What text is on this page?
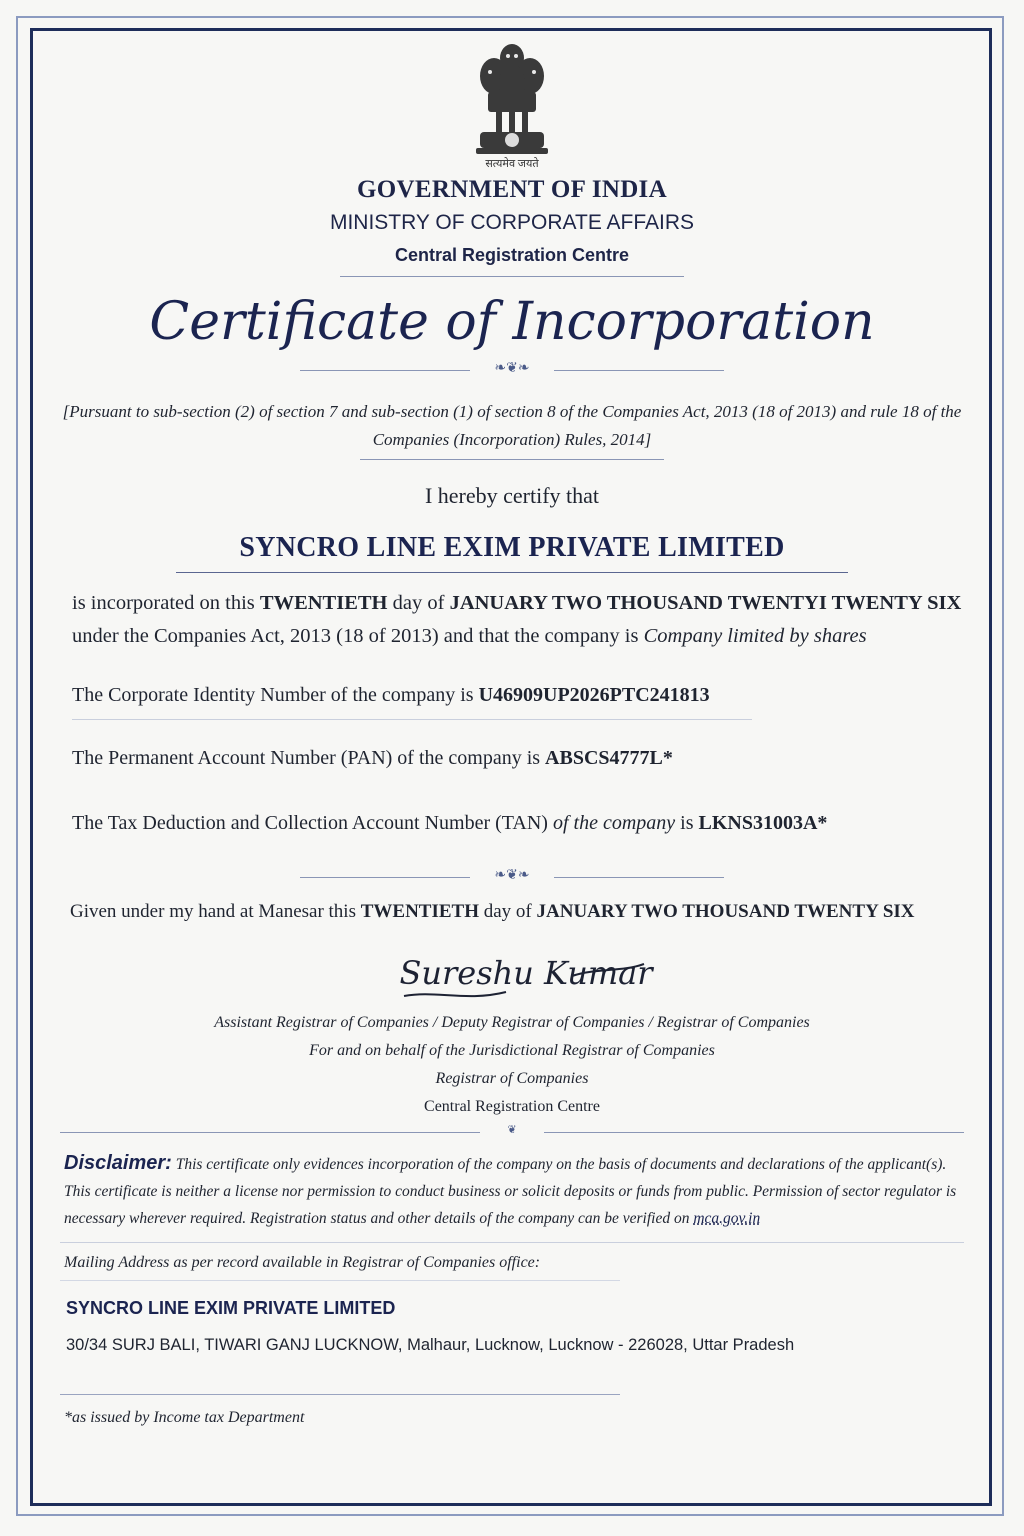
सत्यमेव जयते
GOVERNMENT OF INDIA
MINISTRY OF CORPORATE AFFAIRS
Central Registration Centre
Certificate of Incorporation
❧❦❧
[Pursuant to sub-section (2) of section 7 and sub-section (1) of section 8 of the Companies Act, 2013 (18 of 2013) and rule 18 of the Companies (Incorporation) Rules, 2014]
I hereby certify that
SYNCRO LINE EXIM PRIVATE LIMITED
is incorporated on this TWENTIETH day of JANUARY TWO THOUSAND TWENTYI TWENTY SIX
under the Companies Act, 2013 (18 of 2013) and that the company is Company limited by shares
The Corporate Identity Number of the company is U46909UP2026PTC241813
The Permanent Account Number (PAN) of the company is ABSCS4777L*
The Tax Deduction and Collection Account Number (TAN) of the company is LKNS31003A*
❧❦❧
Given under my hand at Manesar this TWENTIETH day of JANUARY TWO THOUSAND TWENTY SIX
Sureshu Kumar
Assistant Registrar of Companies / Deputy Registrar of Companies / Registrar of Companies
For and on behalf of the Jurisdictional Registrar of Companies
Registrar of Companies
Central Registration Centre
❦
Disclaimer: This certificate only evidences incorporation of the company on the basis of documents and declarations of the applicant(s). This certificate is neither a license nor permission to conduct business or solicit deposits or funds from public. Permission of sector regulator is necessary wherever required. Registration status and other details of the company can be verified on mca.gov.in
Mailing Address as per record available in Registrar of Companies office:
SYNCRO LINE EXIM PRIVATE LIMITED
30/34 SURJ BALI, TIWARI GANJ LUCKNOW, Malhaur, Lucknow, Lucknow - 226028, Uttar Pradesh
*as issued by Income tax Department
